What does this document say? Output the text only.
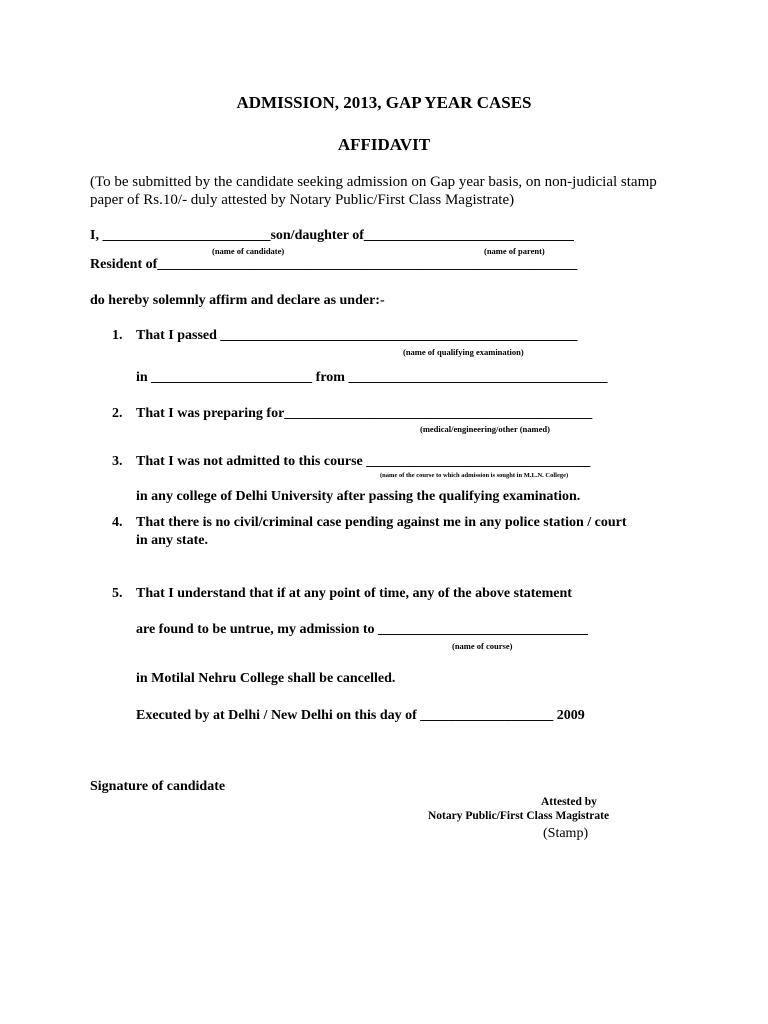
ADMISSION, 2013, GAP YEAR CASES
AFFIDAVIT
(To be submitted by the candidate seeking admission on Gap year basis, on non-judicial stamp
paper of Rs.10/- duly attested by Notary Public/First Class Magistrate)
I, ________________________son/daughter of______________________________
(name of candidate)	(name of parent)
Resident of____________________________________________________________
do hereby solemnly affirm and declare as under:-
1. That I passed ___________________________________________________
(name of qualifying examination)
in _______________________ from _____________________________________
2. That I was preparing for____________________________________________
(medical/engineering/other (named)
3. That I was not admitted to this course ________________________________
(name of the course to which admission is sought in M.L.N. College)
in any college of Delhi University after passing the qualifying examination.
4. That there is no civil/criminal case pending against me in any police station / court
in any state.
5. That I understand that if at any point of time, any of the above statement
are found to be untrue, my admission to ______________________________
(name of course)
in Motilal Nehru College shall be cancelled.
Executed by at Delhi / New Delhi on this day of ___________________ 2009
Signature of candidate
Attested by
Notary Public/First Class Magistrate
(Stamp)
